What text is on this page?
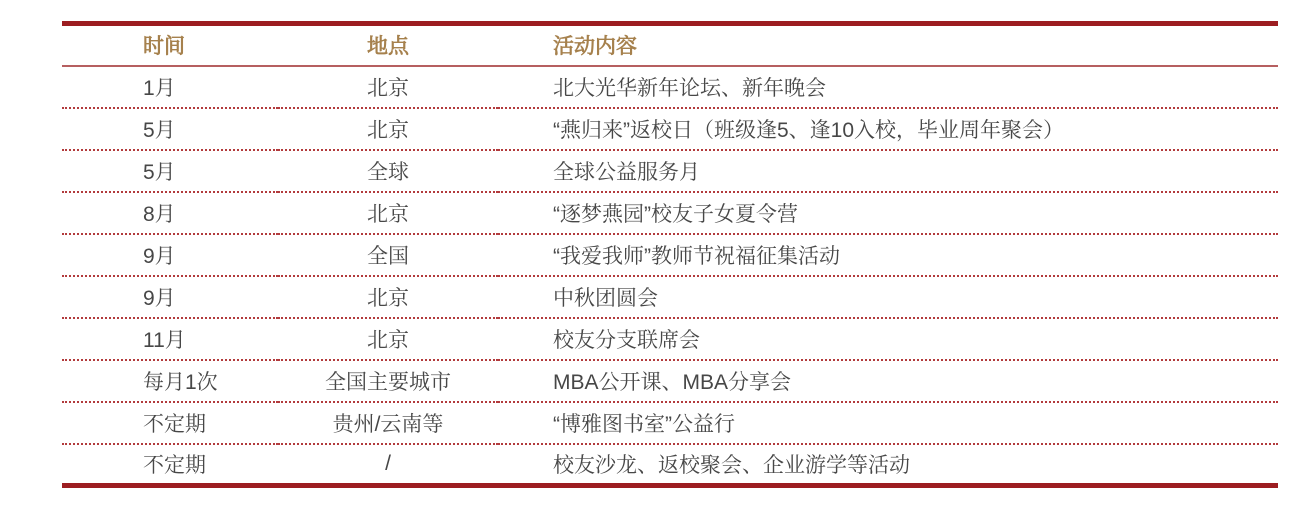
时间	地点	活动内容
1月	北京	北大光华新年论坛、新年晚会
5月	北京	“燕归来”返校日（班级逢5、逢10入校，毕业周年聚会）
5月	全球	全球公益服务月
8月	北京	“逐梦燕园”校友子女夏令营
9月	全国	“我爱我师”教师节祝福征集活动
9月	北京	中秋团圆会
11月	北京	校友分支联席会
每月1次	全国主要城市	MBA公开课、MBA分享会
不定期	贵州/云南等	“博雅图书室”公益行
不定期	/	校友沙龙、返校聚会、企业游学等活动
